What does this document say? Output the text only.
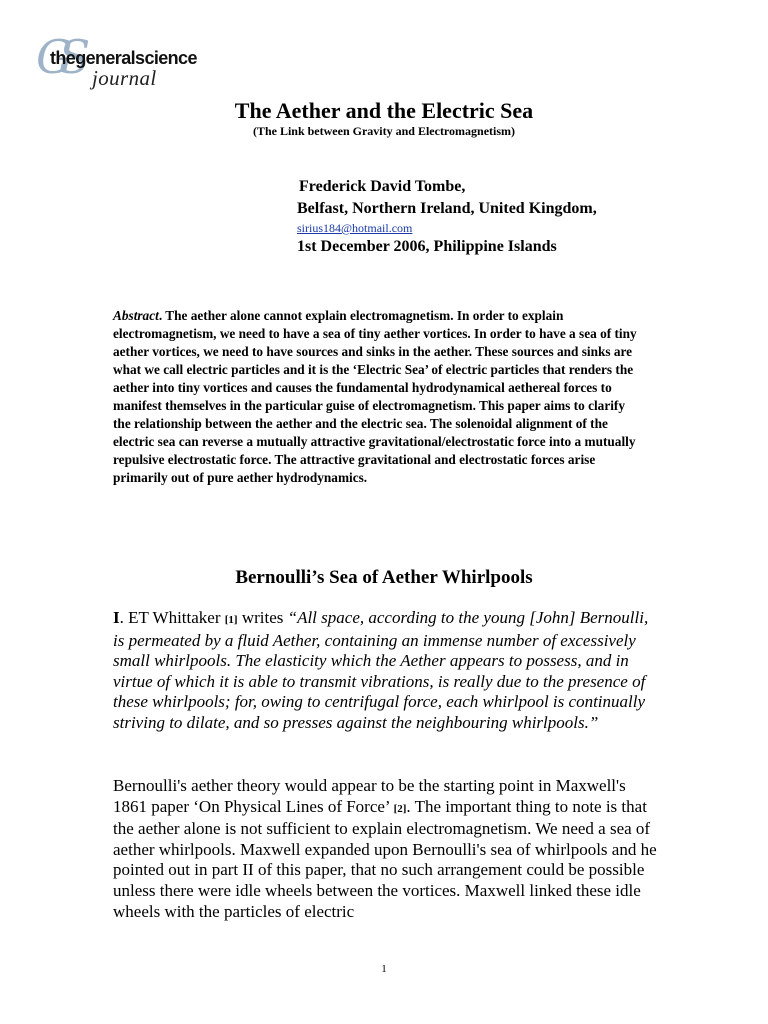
GS
thegeneralscience
journal
The Aether and the Electric Sea
(The Link between Gravity and Electromagnetism)
Frederick David Tombe,
Belfast, Northern Ireland, United Kingdom,
sirius184@hotmail.com
1st December 2006, Philippine Islands
Abstract. The aether alone cannot explain electromagnetism. In order to explain electromagnetism, we need to have a sea of tiny aether vortices. In order to have a sea of tiny aether vortices, we need to have sources and sinks in the aether. These sources and sinks are what we call electric particles and it is the ‘Electric Sea’ of electric particles that renders the aether into tiny vortices and causes the fundamental hydrodynamical aethereal forces to manifest themselves in the particular guise of electromagnetism. This paper aims to clarify the relationship between the aether and the electric sea. The solenoidal alignment of the electric sea can reverse a mutually attractive gravitational/electrostatic force into a mutually repulsive electrostatic force. The attractive gravitational and electrostatic forces arise primarily out of pure aether hydrodynamics.
Bernoulli’s Sea of Aether Whirlpools
I. ET Whittaker [1] writes “All space, according to the young [John] Bernoulli, is permeated by a fluid Aether, containing an immense number of excessively small whirlpools. The elasticity which the Aether appears to possess, and in virtue of which it is able to transmit vibrations, is really due to the presence of these whirlpools; for, owing to centrifugal force, each whirlpool is continually striving to dilate, and so presses against the neighbouring whirlpools.”
Bernoulli's aether theory would appear to be the starting point in Maxwell's 1861 paper ‘On Physical Lines of Force’ [2]. The important thing to note is that the aether alone is not sufficient to explain electromagnetism. We need a sea of aether whirlpools. Maxwell expanded upon Bernoulli's sea of whirlpools and he pointed out in part II of this paper, that no such arrangement could be possible unless there were idle wheels between the vortices. Maxwell linked these idle wheels with the particles of electric
1
